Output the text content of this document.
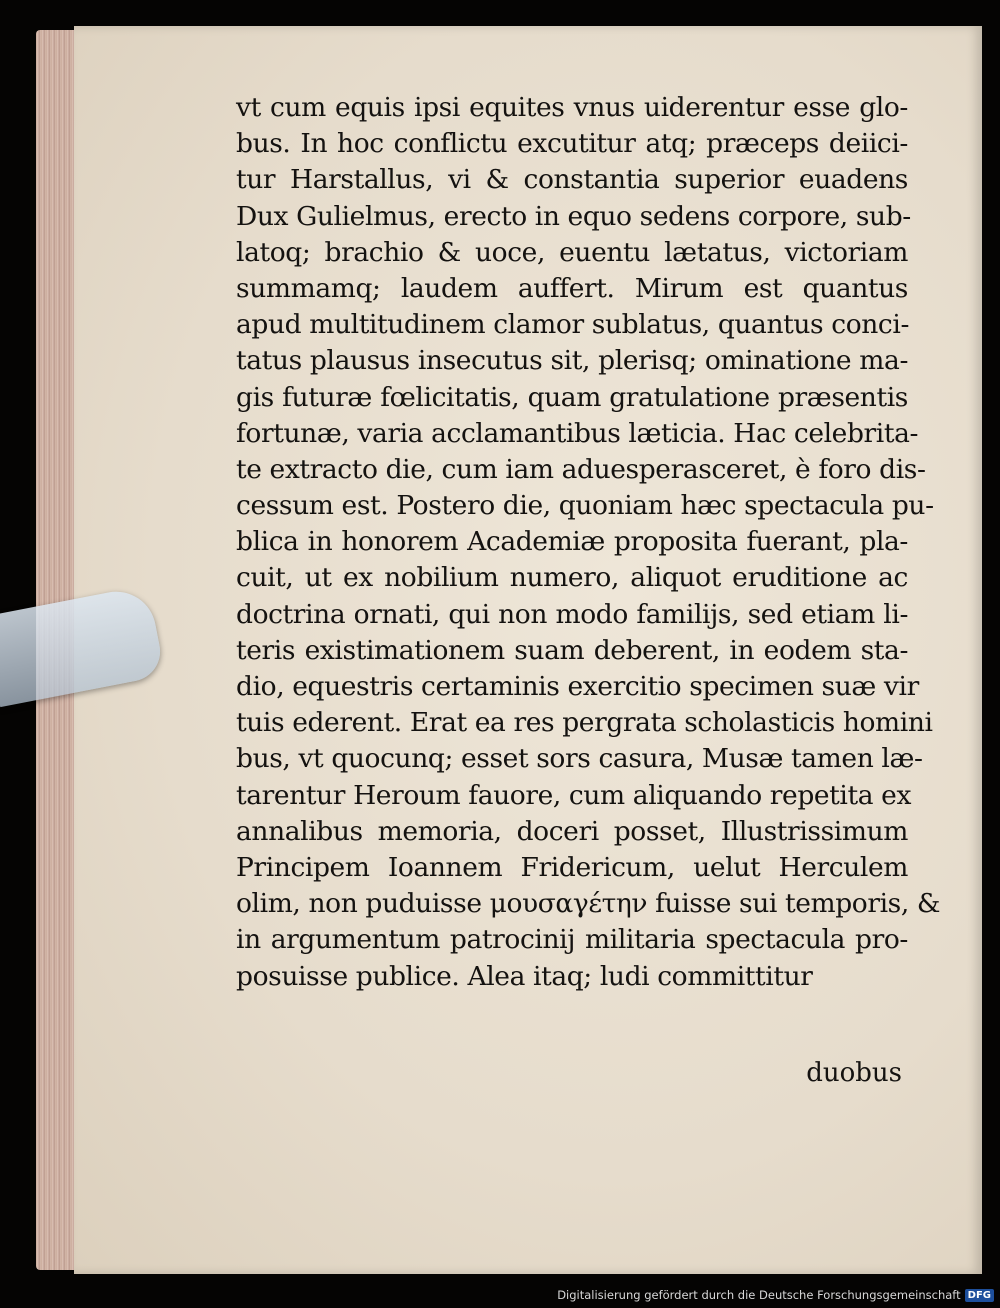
vt cum equis ipsi equites vnus uiderentur esse glo-
bus. In hoc conflictu excutitur atq; præceps deiici-
tur Harstallus, vi & constantia superior euadens
Dux Gulielmus, erecto in equo sedens corpore, sub-
latoq; brachio & uoce, euentu lætatus, victoriam
summamq; laudem auffert. Mirum est quantus
apud multitudinem clamor sublatus, quantus conci-
tatus plausus insecutus sit, plerisq; ominatione ma-
gis futuræ fœlicitatis, quam gratulatione præsentis
fortunæ, varia acclamantibus læticia. Hac celebrita-
te extracto die, cum iam aduesperasceret, è foro dis-
cessum est. Postero die, quoniam hæc spectacula pu-
blica in honorem Academiæ proposita fuerant, pla-
cuit, ut ex nobilium numero, aliquot eruditione ac
doctrina ornati, qui non modo familijs, sed etiam li-
teris existimationem suam deberent, in eodem sta-
dio, equestris certaminis exercitio specimen suæ vir
tuis ederent. Erat ea res pergrata scholasticis homini
bus, vt quocunq; esset sors casura, Musæ tamen læ-
tarentur Heroum fauore, cum aliquando repetita ex
annalibus memoria, doceri posset, Illustrissimum
Principem Ioannem Fridericum, uelut Herculem
olim, non puduisse μουσαγέτην fuisse sui temporis, &
in argumentum patrocinij militaria spectacula pro-
posuisse publice. Alea itaq; ludi committitur
duobus
Digitalisierung gefördert durch die Deutsche Forschungsgemeinschaft DFG
